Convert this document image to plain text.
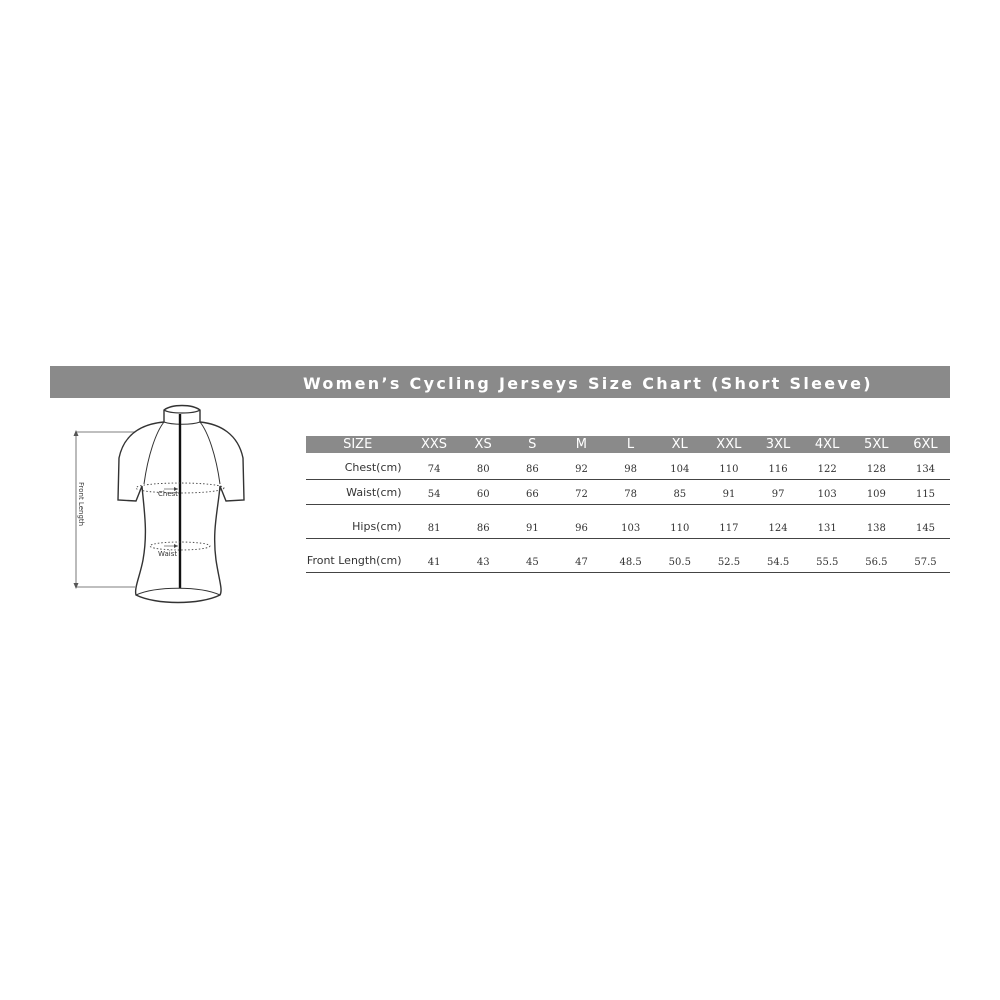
Women’s Cycling Jerseys Size Chart (Short Sleeve)
Front Length	Chest
Waist
SIZE	XXS	XS	S	M	L	XL	XXL	3XL	4XL	5XL	6XL
Chest(cm)	74	80	86	92	98	104	110	116	122	128	134
Waist(cm)	54	60	66	72	78	85	91	97	103	109	115
Hips(cm)	81	86	91	96	103	110	117	124	131	138	145
Front Length(cm)	41	43	45	47	48.5	50.5	52.5	54.5	55.5	56.5	57.5
